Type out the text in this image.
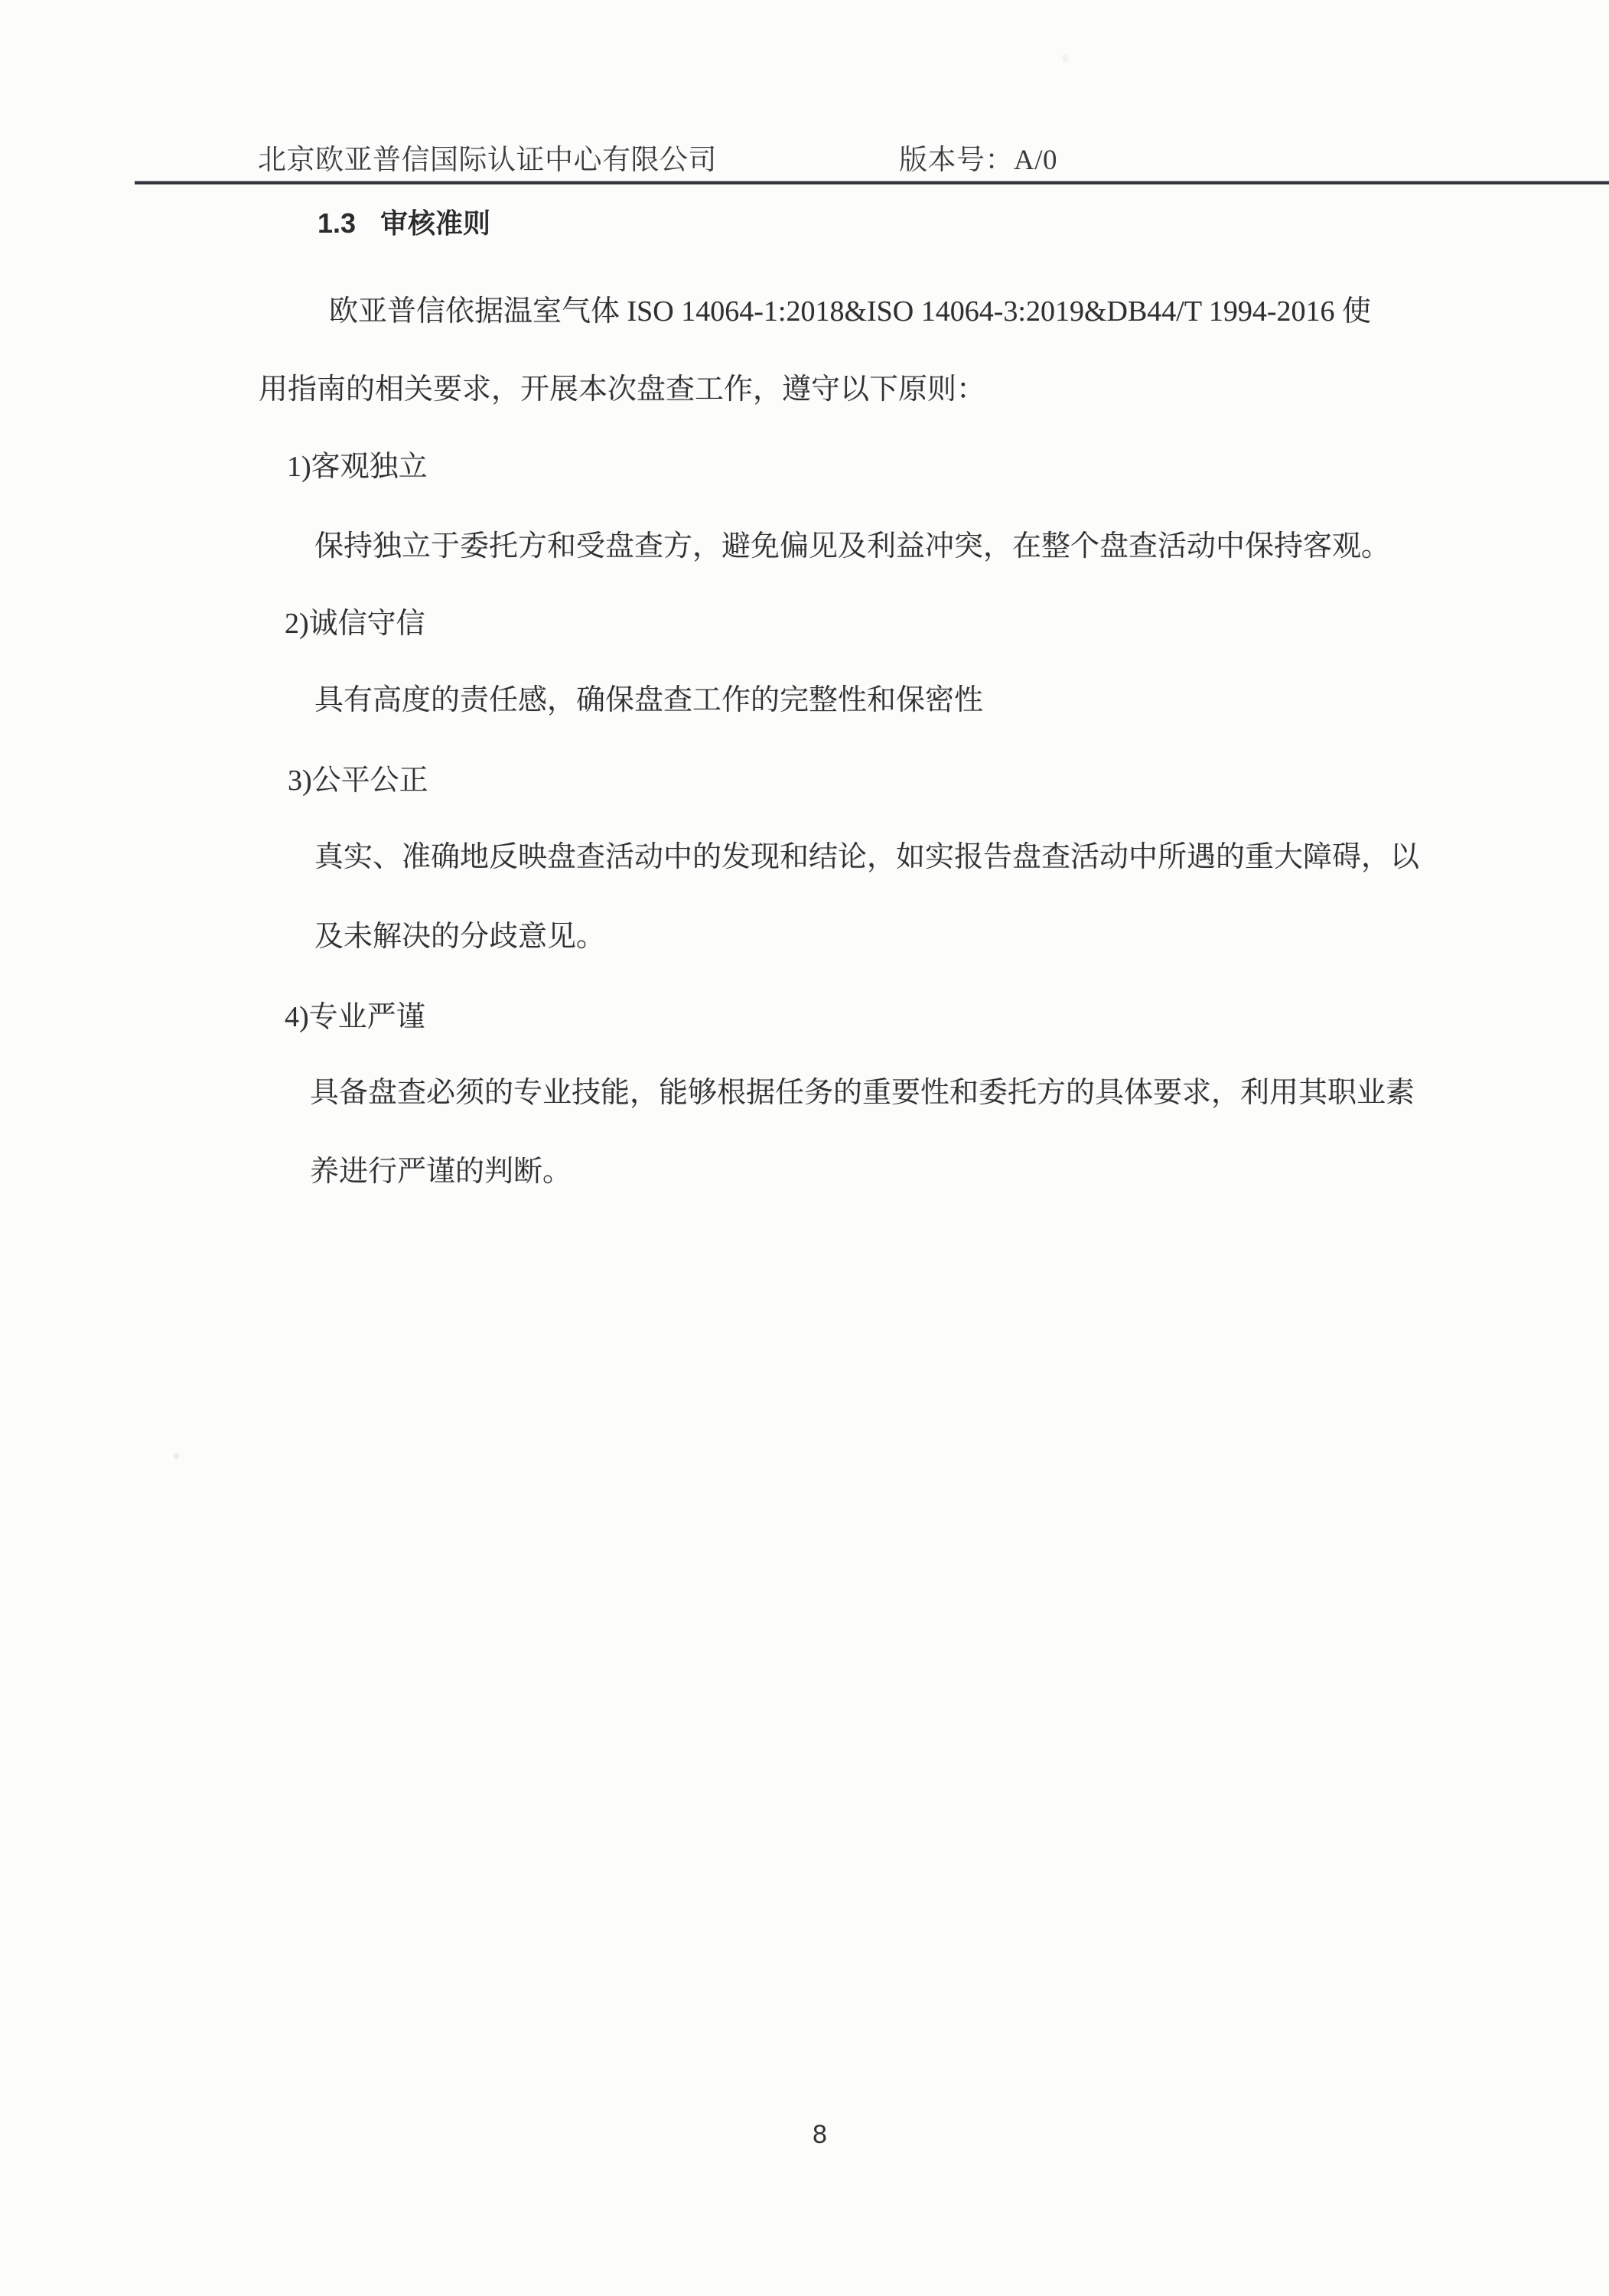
北京欧亚普信国际认证中心有限公司	版本号：A/0
1.3 审核准则
欧亚普信依据温室气体 ISO 14064-1:2018&ISO 14064-3:2019&DB44/T 1994-2016 使
用指南的相关要求，开展本次盘查工作，遵守以下原则：
1)客观独立
保持独立于委托方和受盘查方，避免偏见及利益冲突，在整个盘查活动中保持客观。
2)诚信守信
具有高度的责任感，确保盘查工作的完整性和保密性
3)公平公正
真实、准确地反映盘查活动中的发现和结论，如实报告盘查活动中所遇的重大障碍，以
及未解决的分歧意见。
4)专业严谨
具备盘查必须的专业技能，能够根据任务的重要性和委托方的具体要求，利用其职业素
养进行严谨的判断。
8
